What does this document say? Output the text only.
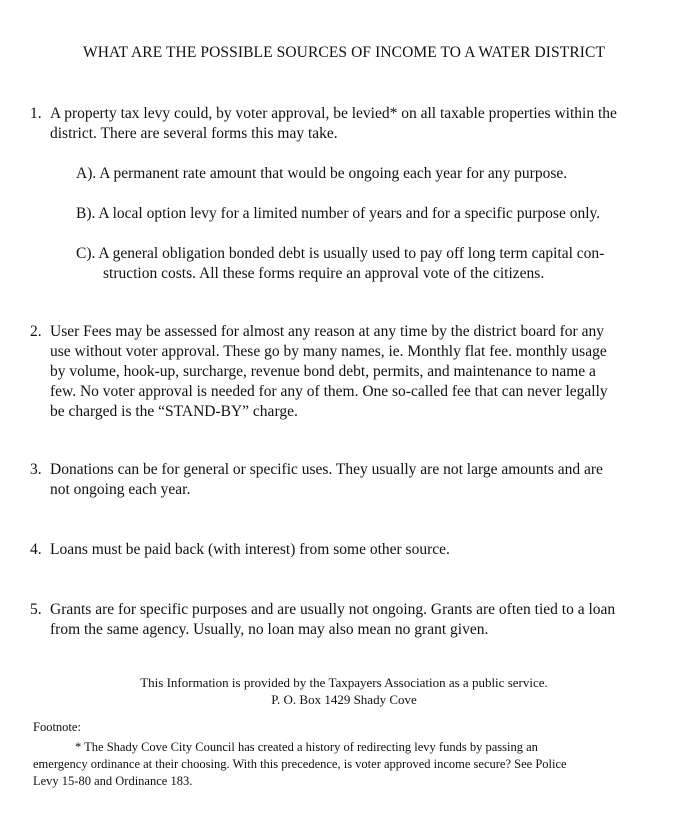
WHAT ARE THE POSSIBLE SOURCES OF INCOME TO A WATER DISTRICT
1. A property tax levy could, by voter approval, be levied* on all taxable properties within the
district. There are several forms this may take.
A). A permanent rate amount that would be ongoing each year for any purpose.
B). A local option levy for a limited number of years and for a specific purpose only.
C). A general obligation bonded debt is usually used to pay off long term capital con-
struction costs. All these forms require an approval vote of the citizens.
2. User Fees may be assessed for almost any reason at any time by the district board for any
use without voter approval. These go by many names, ie. Monthly flat fee. monthly usage
by volume, hook-up, surcharge, revenue bond debt, permits, and maintenance to name a
few. No voter approval is needed for any of them. One so-called fee that can never legally
be charged is the “STAND-BY” charge.
3. Donations can be for general or specific uses. They usually are not large amounts and are
not ongoing each year.
4. Loans must be paid back (with interest) from some other source.
5. Grants are for specific purposes and are usually not ongoing. Grants are often tied to a loan
from the same agency. Usually, no loan may also mean no grant given.
This Information is provided by the Taxpayers Association as a public service.
P. O. Box 1429 Shady Cove
Footnote:
* The Shady Cove City Council has created a history of redirecting levy funds by passing an
emergency ordinance at their choosing. With this precedence, is voter approved income secure? See Police
Levy 15-80 and Ordinance 183.
